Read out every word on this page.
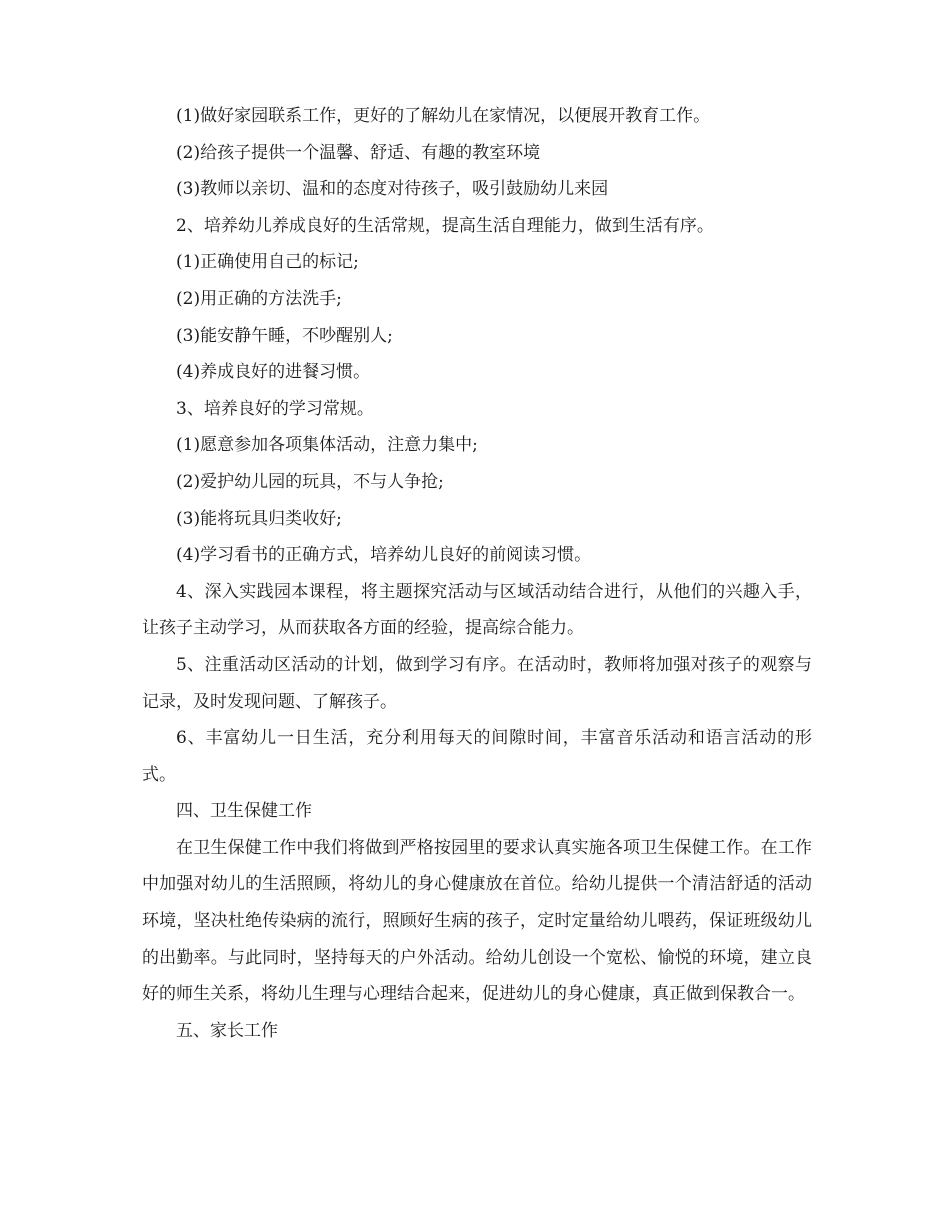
(1)做好家园联系工作，更好的了解幼儿在家情况，以便展开教育工作。

(2)给孩子提供一个温馨、舒适、有趣的教室环境

(3)教师以亲切、温和的态度对待孩子，吸引鼓励幼儿来园

2、培养幼儿养成良好的生活常规，提高生活自理能力，做到生活有序。

(1)正确使用自己的标记;

(2)用正确的方法洗手;

(3)能安静午睡，不吵醒别人;

(4)养成良好的进餐习惯。

3、培养良好的学习常规。

(1)愿意参加各项集体活动，注意力集中;

(2)爱护幼儿园的玩具，不与人争抢;

(3)能将玩具归类收好;

(4)学习看书的正确方式，培养幼儿良好的前阅读习惯。

4、深入实践园本课程，将主题探究活动与区域活动结合进行，从他们的兴趣入手，让孩子主动学习，从而获取各方面的经验，提高综合能力。

5、注重活动区活动的计划，做到学习有序。在活动时，教师将加强对孩子的观察与记录，及时发现问题、了解孩子。

6、丰富幼儿一日生活，充分利用每天的间隙时间，丰富音乐活动和语言活动的形式。

四、卫生保健工作

在卫生保健工作中我们将做到严格按园里的要求认真实施各项卫生保健工作。在工作中加强对幼儿的生活照顾，将幼儿的身心健康放在首位。给幼儿提供一个清洁舒适的活动环境，坚决杜绝传染病的流行，照顾好生病的孩子，定时定量给幼儿喂药，保证班级幼儿的出勤率。与此同时，坚持每天的户外活动。给幼儿创设一个宽松、愉悦的环境，建立良好的师生关系，将幼儿生理与心理结合起来，促进幼儿的身心健康，真正做到保教合一。

五、家长工作
